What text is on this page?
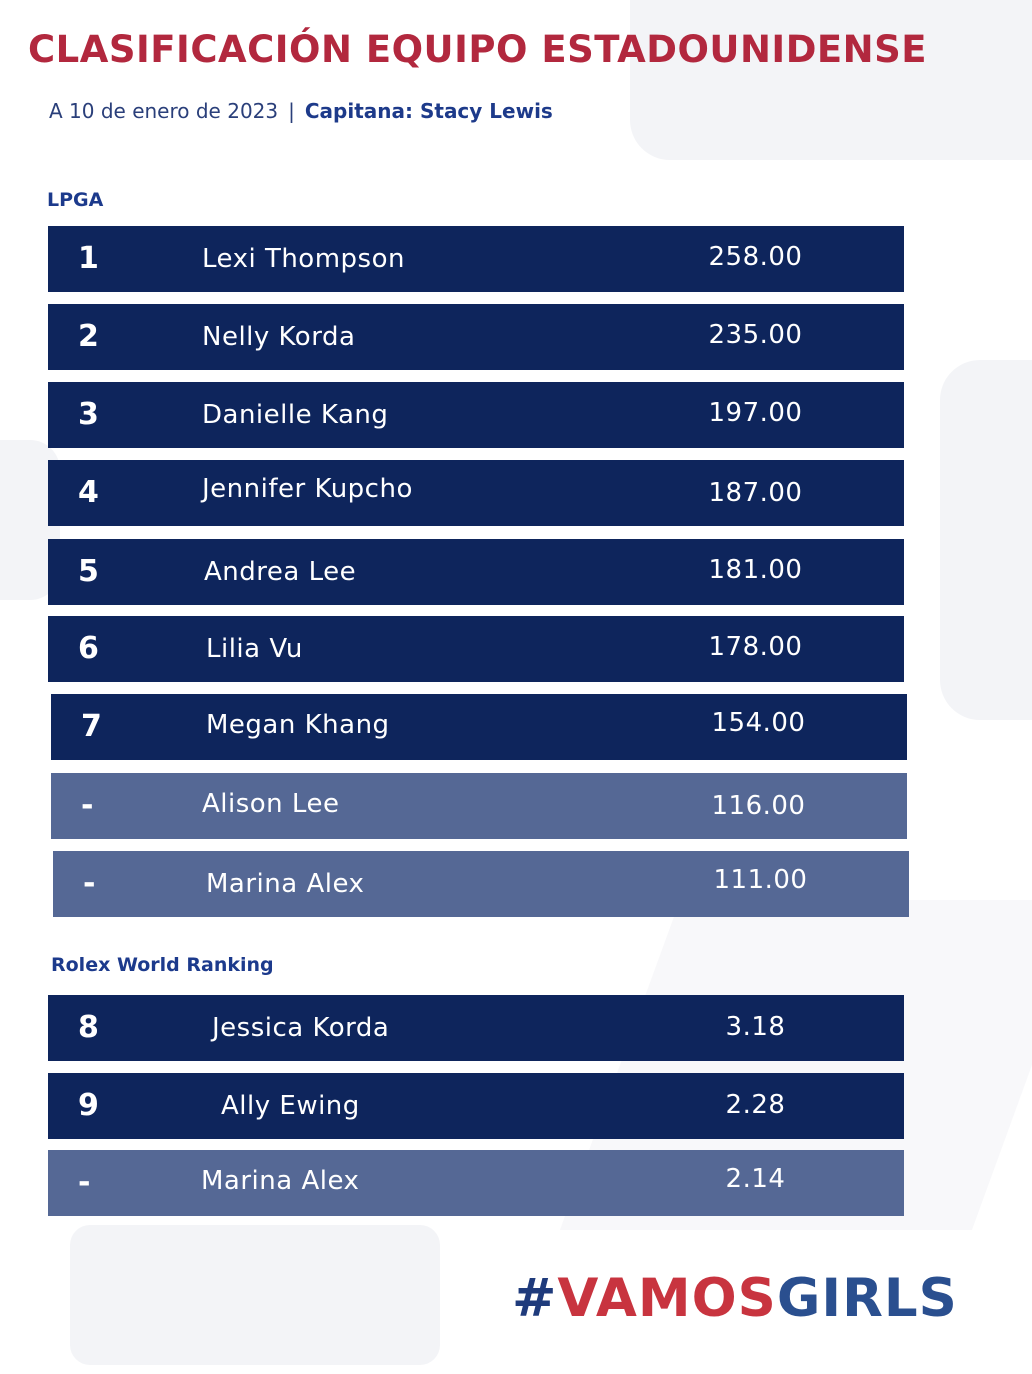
CLASIFICACIÓN EQUIPO ESTADOUNIDENSE
A 10 de enero de 2023 | Capitana: Stacy Lewis
LPGA
1	Lexi Thompson	258.00
2	Nelly Korda	235.00
3	Danielle Kang	197.00
4	Jennifer Kupcho	187.00
5	Andrea Lee	181.00
6	Lilia Vu	178.00
7	Megan Khang	154.00
-	Alison Lee	116.00
-	Marina Alex	111.00
Rolex World Ranking
8	Jessica Korda	3.18
9	Ally Ewing	2.28
-	Marina Alex	2.14
#VAMOSGIRLS
